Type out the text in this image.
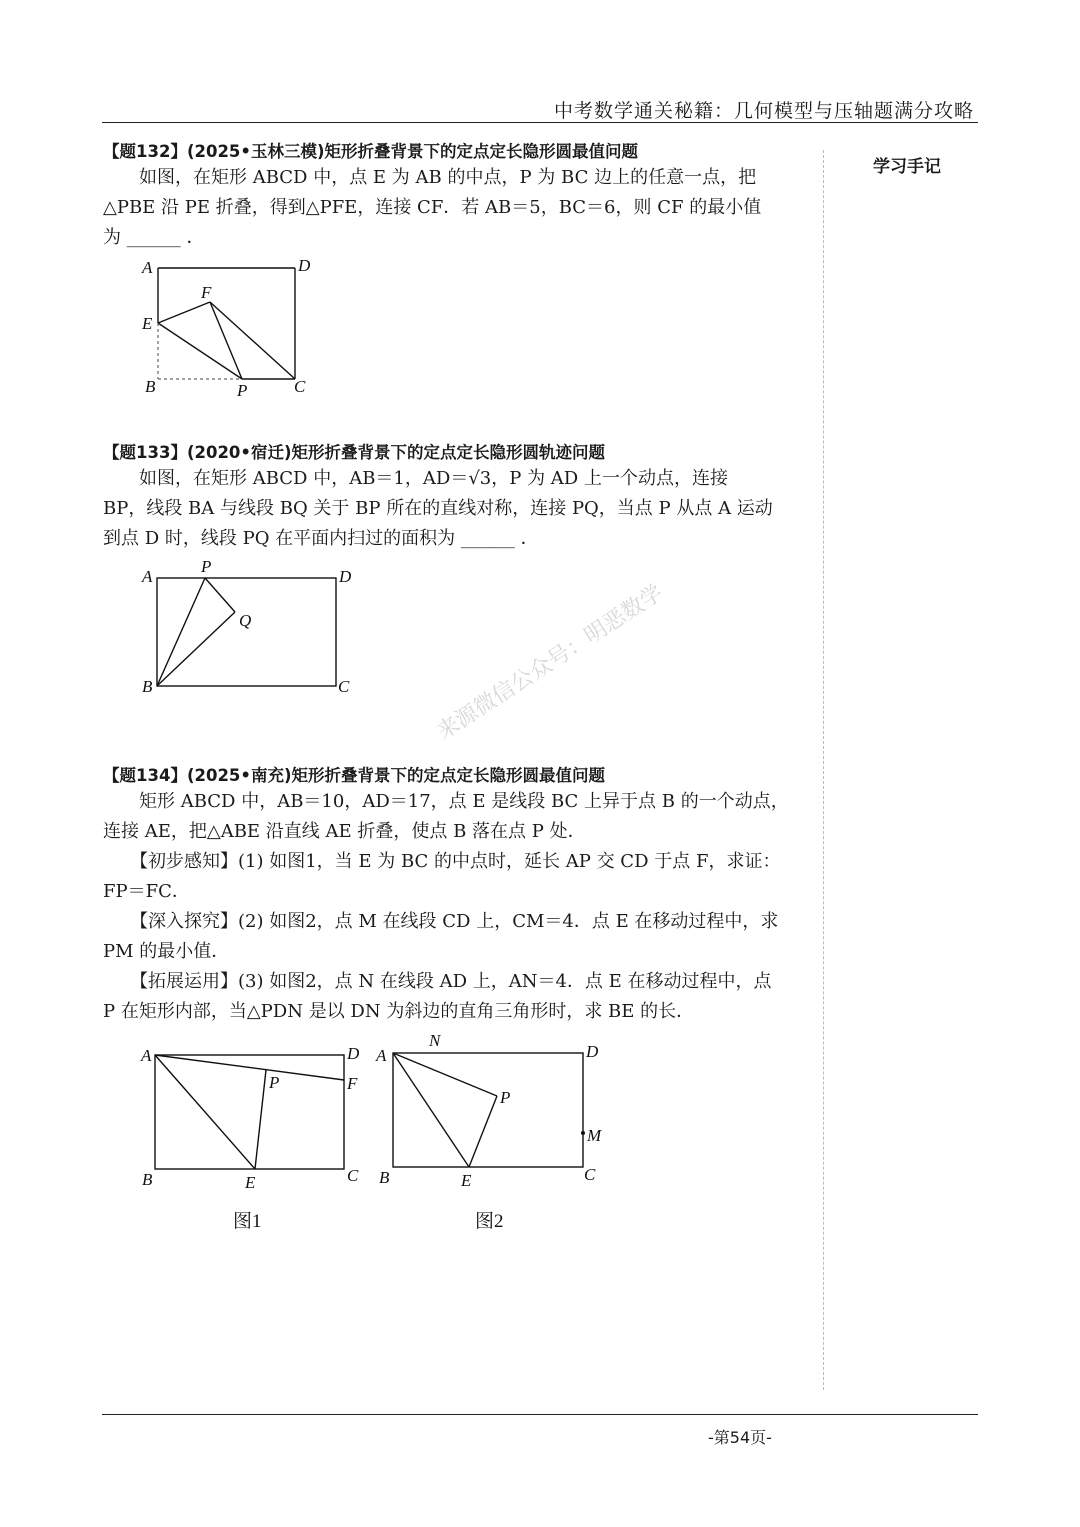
中考数学通关秘籍：几何模型与压轴题满分攻略
学习手记
来源微信公众号：明恶数学
【题132】(2025•玉林三模)矩形折叠背景下的定点定长隐形圆最值问题

　　如图，在矩形 ABCD 中，点 E 为 AB 的中点，P 为 BC 边上的任意一点，把

△PBE 沿 PE 折叠，得到△PFE，连接 CF．若 AB＝5，BC＝6，则 CF 的最小值

为 ______ ．

A	D
F
E
B	P	C
【题133】(2020•宿迁)矩形折叠背景下的定点定长隐形圆轨迹问题

　　如图，在矩形 ABCD 中，AB＝1，AD＝√3，P 为 AD 上一个动点，连接

BP，线段 BA 与线段 BQ 关于 BP 所在的直线对称，连接 PQ，当点 P 从点 A 运动

到点 D 时，线段 PQ 在平面内扫过的面积为 ______ ．

A
P
D
Q
B	C
【题134】(2025•南充)矩形折叠背景下的定点定长隐形圆最值问题

　　矩形 ABCD 中，AB＝10，AD＝17，点 E 是线段 BC 上异于点 B 的一个动点，

连接 AE，把△ABE 沿直线 AE 折叠，使点 B 落在点 P 处．

　　【初步感知】(1) 如图1，当 E 为 BC 的中点时，延长 AP 交 CD 于点 F，求证：

FP＝FC．

　　【深入探究】(2) 如图2，点 M 在线段 CD 上，CM＝4．点 E 在移动过程中，求

PM 的最小值．

　　【拓展运用】(3) 如图2，点 N 在线段 AD 上，AN＝4．点 E 在移动过程中，点

P 在矩形内部，当△PDN 是以 DN 为斜边的直角三角形时，求 BE 的长．

A	D
P	F
B	E	C
图1
A
N
D
P
M
B	E	C
图2
-第54页-
